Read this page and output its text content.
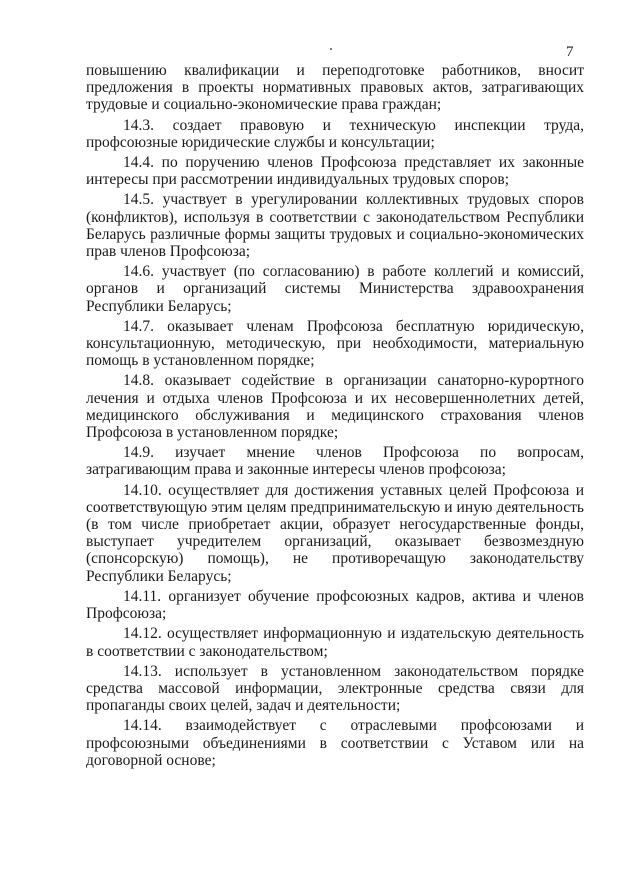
7

повышению квалификации и переподготовке работников, вносит предложения в проекты нормативных правовых актов, затрагивающих трудовые и социально-экономические права граждан;

14.3. создает правовую и техническую инспекции труда, профсоюзные юридические службы и консультации;

14.4. по поручению членов Профсоюза представляет их законные интересы при рассмотрении индивидуальных трудовых споров;

14.5. участвует в урегулировании коллективных трудовых споров (конфликтов), используя в соответствии с законодательством Республики Беларусь различные формы защиты трудовых и социально-экономических прав членов Профсоюза;

14.6. участвует (по согласованию) в работе коллегий и комиссий, органов и организаций системы Министерства здравоохранения Республики Беларусь;

14.7. оказывает членам Профсоюза бесплатную юридическую, консультационную, методическую, при необходимости, материальную помощь в установленном порядке;

14.8. оказывает содействие в организации санаторно-курортного лечения и отдыха членов Профсоюза и их несовершеннолетних детей, медицинского обслуживания и медицинского страхования членов Профсоюза в установленном порядке;

14.9. изучает мнение членов Профсоюза по вопросам, затрагивающим права и законные интересы членов профсоюза;

14.10. осуществляет для достижения уставных целей Профсоюза и соответствующую этим целям предпринимательскую и иную деятельность (в том числе приобретает акции, образует негосударственные фонды, выступает учредителем организаций, оказывает безвозмездную (спонсорскую) помощь), не противоречащую законодательству Республики Беларусь;

14.11. организует обучение профсоюзных кадров, актива и членов Профсоюза;

14.12. осуществляет информационную и издательскую деятельность в соответствии с законодательством;

14.13. использует в установленном законодательством порядке средства массовой информации, электронные средства связи для пропаганды своих целей, задач и деятельности;

14.14. взаимодействует с отраслевыми профсоюзами и профсоюзными объединениями в соответствии с Уставом или на договорной основе;
